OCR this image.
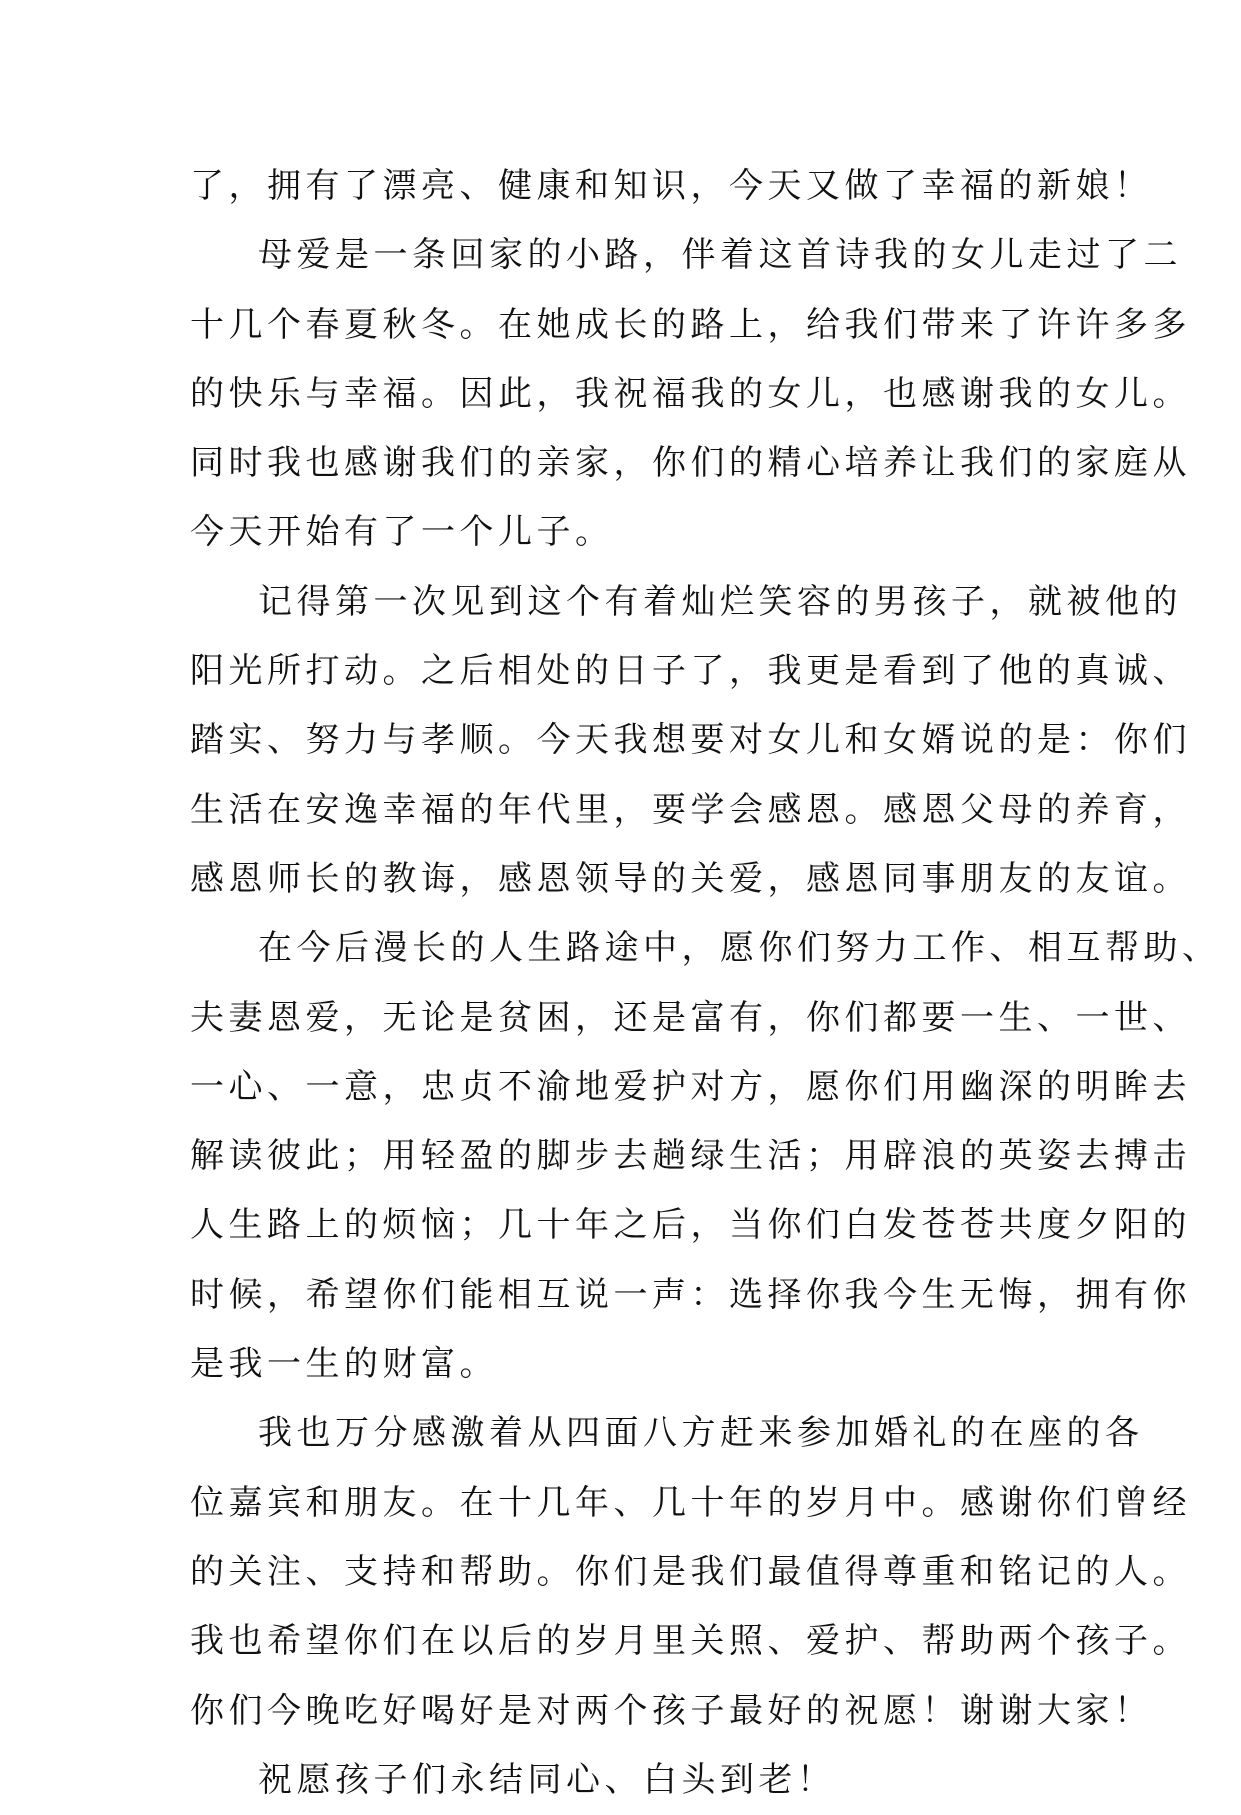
了，拥有了漂亮、健康和知识，今天又做了幸福的新娘！
母爱是一条回家的小路，伴着这首诗我的女儿走过了二
十几个春夏秋冬。在她成长的路上，给我们带来了许许多多
的快乐与幸福。因此，我祝福我的女儿，也感谢我的女儿。
同时我也感谢我们的亲家，你们的精心培养让我们的家庭从
今天开始有了一个儿子。
记得第一次见到这个有着灿烂笑容的男孩子，就被他的
阳光所打动。之后相处的日子了，我更是看到了他的真诚、
踏实、努力与孝顺。今天我想要对女儿和女婿说的是：你们
生活在安逸幸福的年代里，要学会感恩。感恩父母的养育，
感恩师长的教诲，感恩领导的关爱，感恩同事朋友的友谊。
在今后漫长的人生路途中，愿你们努力工作、相互帮助、
夫妻恩爱，无论是贫困，还是富有，你们都要一生、一世、
一心、一意，忠贞不渝地爱护对方，愿你们用幽深的明眸去
解读彼此；用轻盈的脚步去趟绿生活；用辟浪的英姿去搏击
人生路上的烦恼；几十年之后，当你们白发苍苍共度夕阳的
时候，希望你们能相互说一声：选择你我今生无悔，拥有你
是我一生的财富。
我也万分感激着从四面八方赶来参加婚礼的在座的各
位嘉宾和朋友。在十几年、几十年的岁月中。感谢你们曾经
的关注、支持和帮助。你们是我们最值得尊重和铭记的人。
我也希望你们在以后的岁月里关照、爱护、帮助两个孩子。
你们今晚吃好喝好是对两个孩子最好的祝愿！谢谢大家！
祝愿孩子们永结同心、白头到老！
